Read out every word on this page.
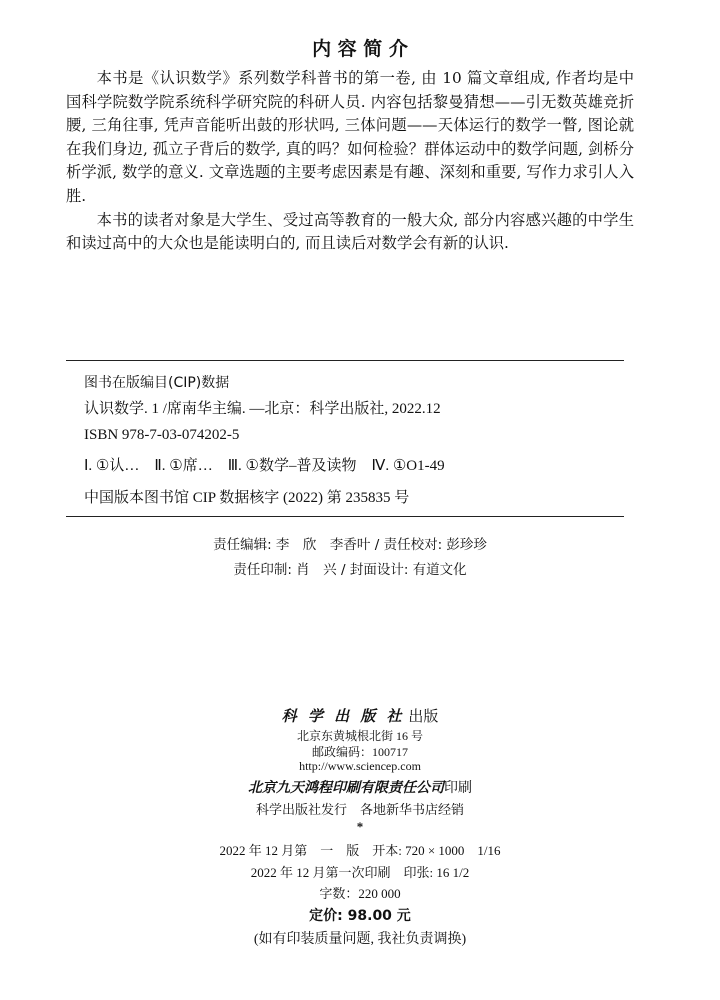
内 容 简 介

本书是《认识数学》系列数学科普书的第一卷, 由 10 篇文章组成, 作者均是中国科学院数学院系统科学研究院的科研人员. 内容包括黎曼猜想——引无数英雄竞折腰, 三角往事, 凭声音能听出鼓的形状吗, 三体问题——天体运行的数学一瞥, 图论就在我们身边, 孤立子背后的数学, 真的吗？如何检验？群体运动中的数学问题, 剑桥分析学派, 数学的意义. 文章选题的主要考虑因素是有趣、深刻和重要, 写作力求引人入胜.

本书的读者对象是大学生、受过高等教育的一般大众, 部分内容感兴趣的中学生和读过高中的大众也是能读明白的, 而且读后对数学会有新的认识.

图书在版编目(CIP)数据
认识数学. 1 /席南华主编. —北京：科学出版社, 2022.12
ISBN 978-7-03-074202-5
Ⅰ. ①认…　Ⅱ. ①席…　Ⅲ. ①数学–普及读物　Ⅳ. ①O1-49
中国版本图书馆 CIP 数据核字 (2022) 第 235835 号
责任编辑: 李　欣　李香叶 / 责任校对: 彭珍珍
责任印制: 肖　兴 / 封面设计: 有道文化
科 学 出 版 社 出版
北京东黄城根北街 16 号
邮政编码：100717
http://www.sciencep.com
北京九天鸿程印刷有限责任公司印刷
科学出版社发行　各地新华书店经销
*
2022 年 12 月第　一　版　开本: 720 × 1000　1/16
2022 年 12 月第一次印刷　印张: 16 1/2
字数：220 000
定价: 98.00 元
(如有印装质量问题, 我社负责调换)
